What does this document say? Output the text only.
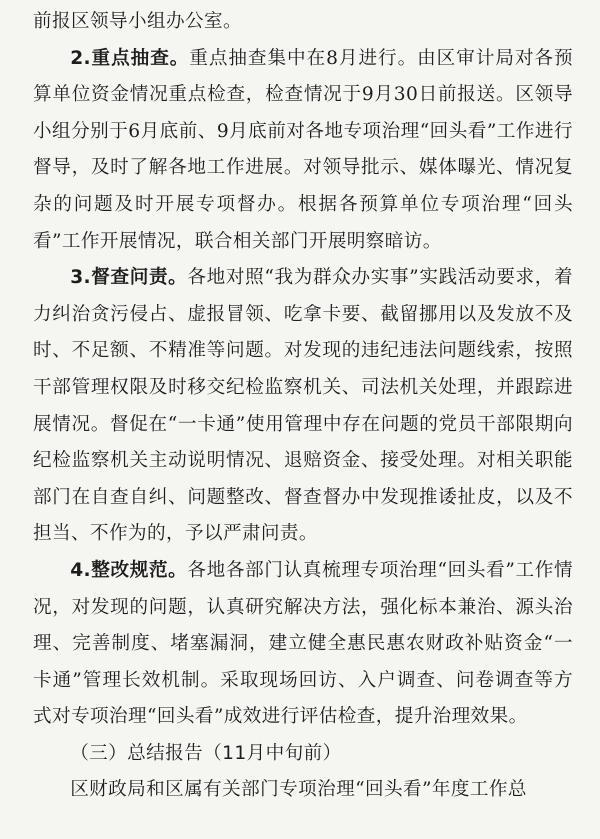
前报区领导小组办公室。

2.重点抽查。重点抽查集中在8月进行。由区审计局对各预算单位资金情况重点检查，检查情况于9月30日前报送。区领导小组分别于6月底前、9月底前对各地专项治理“回头看”工作进行督导，及时了解各地工作进展。对领导批示、媒体曝光、情况复杂的问题及时开展专项督办。根据各预算单位专项治理“回头看”工作开展情况，联合相关部门开展明察暗访。

3.督查问责。各地对照“我为群众办实事”实践活动要求，着力纠治贪污侵占、虚报冒领、吃拿卡要、截留挪用以及发放不及时、不足额、不精准等问题。对发现的违纪违法问题线索，按照干部管理权限及时移交纪检监察机关、司法机关处理，并跟踪进展情况。督促在“一卡通”使用管理中存在问题的党员干部限期向纪检监察机关主动说明情况、退赔资金、接受处理。对相关职能部门在自查自纠、问题整改、督查督办中发现推诿扯皮，以及不担当、不作为的，予以严肃问责。

4.整改规范。各地各部门认真梳理专项治理“回头看”工作情况，对发现的问题，认真研究解决方法，强化标本兼治、源头治理、完善制度、堵塞漏洞，建立健全惠民惠农财政补贴资金“一卡通”管理长效机制。采取现场回访、入户调查、问卷调查等方式对专项治理“回头看”成效进行评估检查，提升治理效果。

（三）总结报告（11月中旬前）

区财政局和区属有关部门专项治理“回头看”年度工作总
